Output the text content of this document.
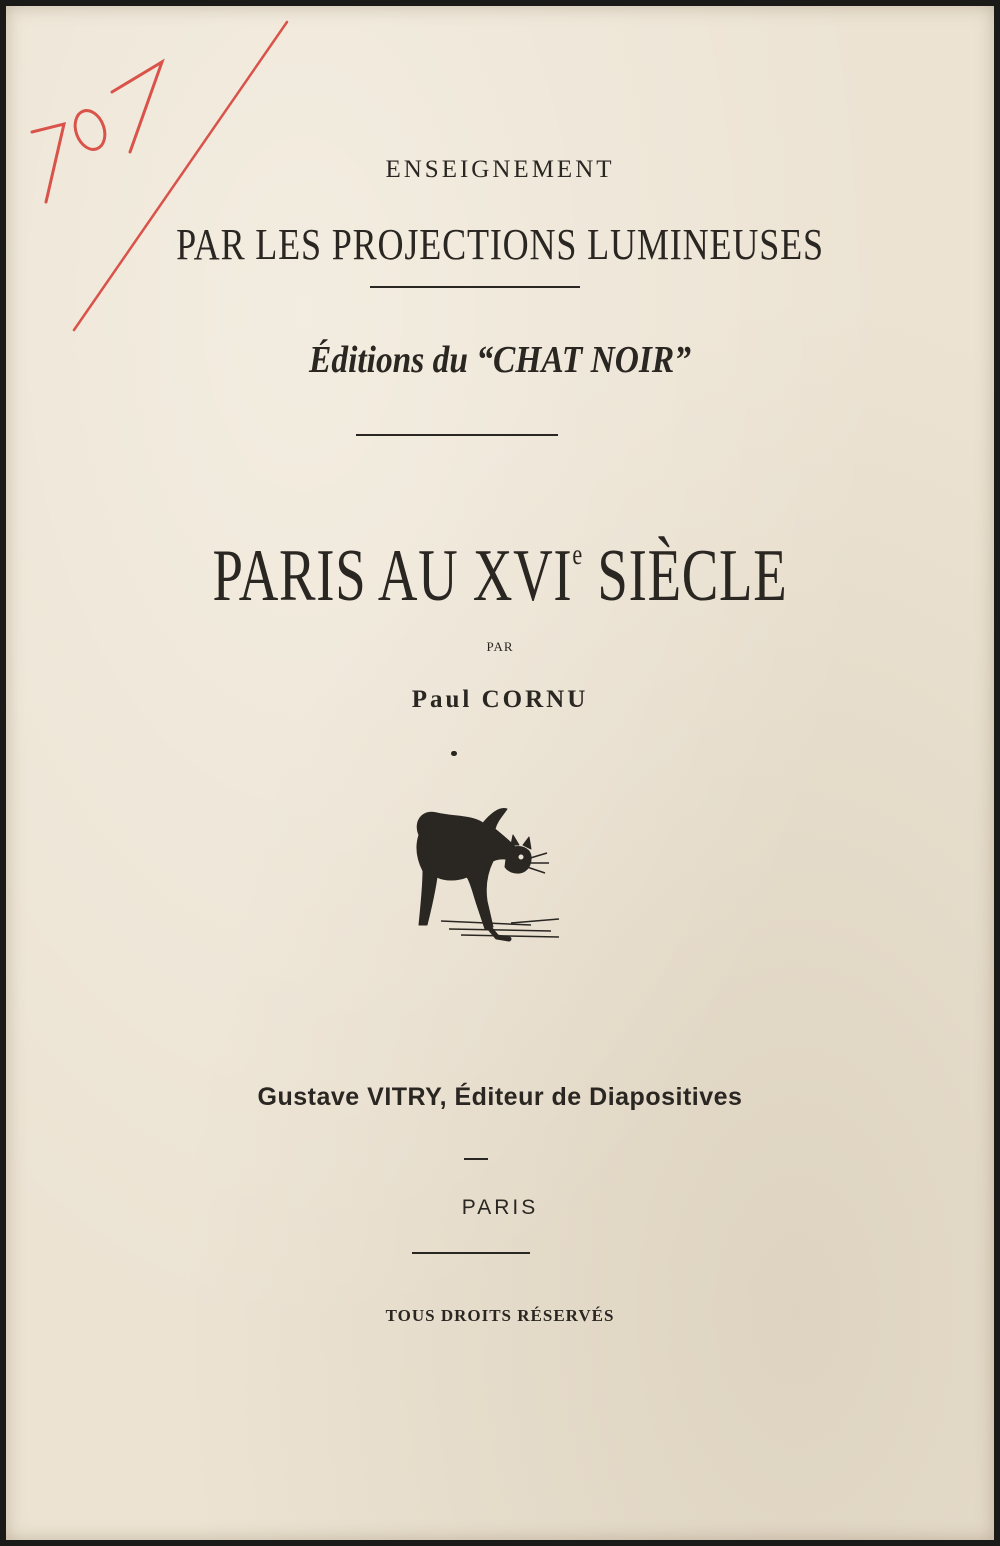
ENSEIGNEMENT
PAR LES PROJECTIONS LUMINEUSES
Éditions du “CHAT NOIR”
PARIS AU XVIe SIÈCLE
PAR
Paul CORNU
Gustave VITRY, Éditeur de Diapositives
PARIS
TOUS DROITS RÉSERVÉS
